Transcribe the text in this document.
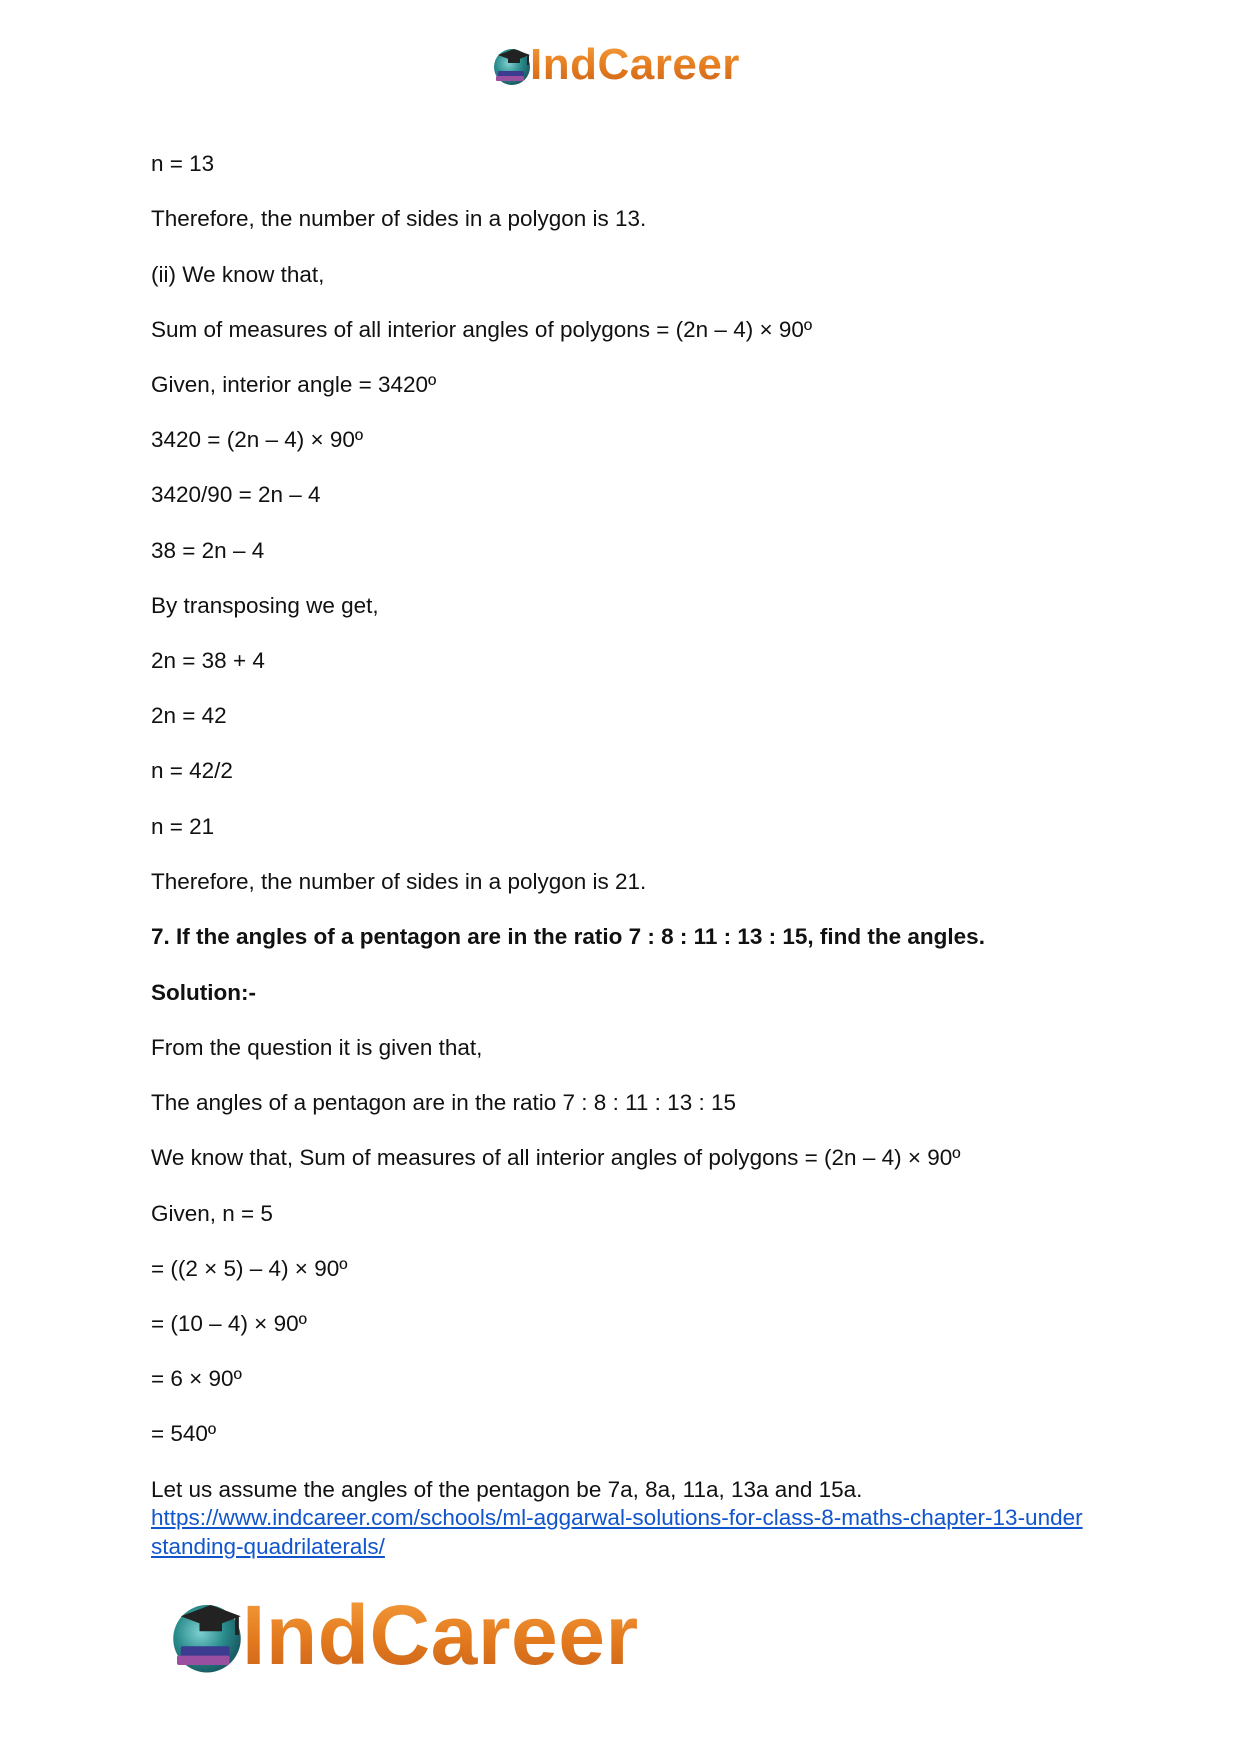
IndCareer
n = 13
Therefore, the number of sides in a polygon is 13.
(ii) We know that,
Sum of measures of all interior angles of polygons = (2n – 4) × 90º
Given, interior angle = 3420º
3420 = (2n – 4) × 90º
3420/90 = 2n – 4
38 = 2n – 4
By transposing we get,
2n = 38 + 4
2n = 42
n = 42/2
n = 21
Therefore, the number of sides in a polygon is 21.
7. If the angles of a pentagon are in the ratio 7 : 8 : 11 : 13 : 15, find the angles.
Solution:-
From the question it is given that,
The angles of a pentagon are in the ratio 7 : 8 : 11 : 13 : 15
We know that, Sum of measures of all interior angles of polygons = (2n – 4) × 90º
Given, n = 5
= ((2 × 5) – 4) × 90º
= (10 – 4) × 90º
= 6 × 90º
= 540º
Let us assume the angles of the pentagon be 7a, 8a, 11a, 13a and 15a.
https://www.indcareer.com/schools/ml-aggarwal-solutions-for-class-8-maths-chapter-13-understanding-quadrilaterals/
IndCareer
